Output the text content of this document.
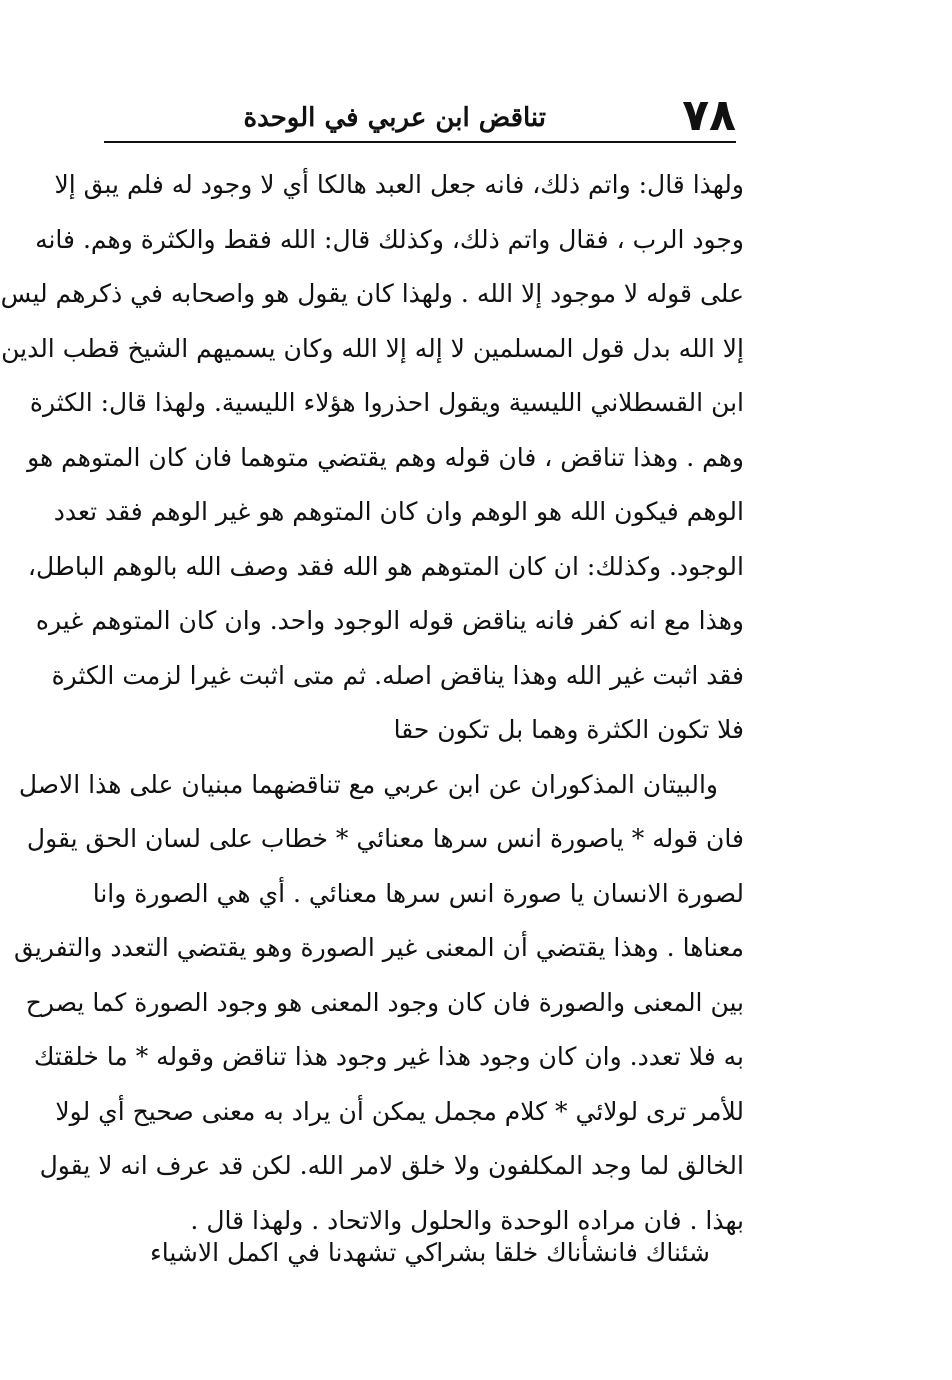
٧٨
تناقض ابن عربي في الوحدة
ولهذا قال: واتم ذلك، فانه جعل العبد هالكا أي لا وجود له فلم يبق إلا
وجود الرب ، فقال واتم ذلك، وكذلك قال: الله فقط والكثرة وهم. فانه
على قوله لا موجود إلا الله . ولهذا كان يقول هو واصحابه في ذكرهم ليس
إلا الله بدل قول المسلمين لا إله إلا الله وكان يسميهم الشيخ قطب الدين
ابن القسطلاني الليسية ويقول احذروا هؤلاء الليسية. ولهذا قال: الكثرة
وهم . وهذا تناقض ، فان قوله وهم يقتضي متوهما فان كان المتوهم هو
الوهم فيكون الله هو الوهم وان كان المتوهم هو غير الوهم فقد تعدد
الوجود. وكذلك: ان كان المتوهم هو الله فقد وصف الله بالوهم الباطل،
وهذا مع انه كفر فانه يناقض قوله الوجود واحد. وان كان المتوهم غيره
فقد اثبت غير الله وهذا يناقض اصله. ثم متى اثبت غيرا لزمت الكثرة
فلا تكون الكثرة وهما بل تكون حقا
والبيتان المذكوران عن ابن عربي مع تناقضهما مبنيان على هذا الاصل
فان قوله * ياصورة انس سرها معنائي * خطاب على لسان الحق يقول
لصورة الانسان يا صورة انس سرها معنائي . أي هي الصورة وانا
معناها . وهذا يقتضي أن المعنى غير الصورة وهو يقتضي التعدد والتفريق
بين المعنى والصورة فان كان وجود المعنى هو وجود الصورة كما يصرح
به فلا تعدد. وان كان وجود هذا غير وجود هذا تناقض وقوله * ما خلقتك
للأمر ترى لولائي * كلام مجمل يمكن أن يراد به معنى صحيح أي لولا
الخالق لما وجد المكلفون ولا خلق لامر الله. لكن قد عرف انه لا يقول
بهذا . فان مراده الوحدة والحلول والاتحاد . ولهذا قال .
شئناك فانشأناك خلقا بشرا
كي تشهدنا في اكمل الاشياء
